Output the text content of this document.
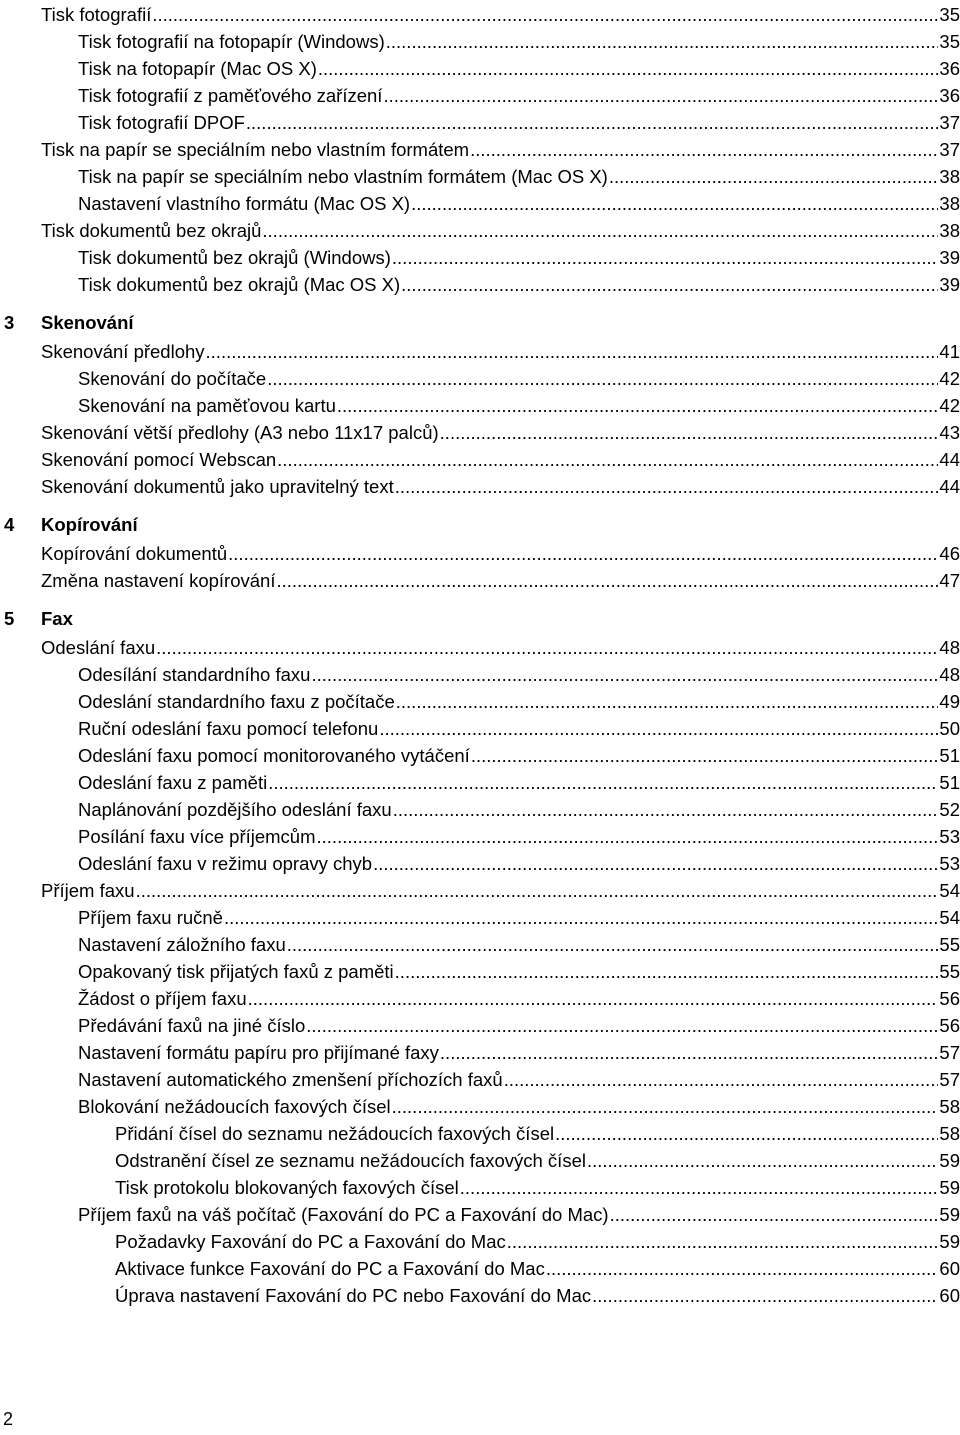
Tisk fotografií .....	35
Tisk fotografií na fotopapír (Windows) .....	35
Tisk na fotopapír (Mac OS X) .....	36
Tisk fotografií z paměťového zařízení .....	36
Tisk fotografií DPOF .....	37
Tisk na papír se speciálním nebo vlastním formátem .....	37
Tisk na papír se speciálním nebo vlastním formátem (Mac OS X) .....	38
Nastavení vlastního formátu (Mac OS X) .....	38
Tisk dokumentů bez okrajů .....	38
Tisk dokumentů bez okrajů (Windows) .....	39
Tisk dokumentů bez okrajů (Mac OS X) .....	39
3 Skenování
Skenování předlohy .....	41
Skenování do počítače .....	42
Skenování na paměťovou kartu .....	42
Skenování větší předlohy (A3 nebo 11x17 palců) .....	43
Skenování pomocí Webscan .....	44
Skenování dokumentů jako upravitelný text .....	44
4 Kopírování
Kopírování dokumentů .....	46
Změna nastavení kopírování .....	47
5 Fax
Odeslání faxu .....	48
Odesílání standardního faxu .....	48
Odeslání standardního faxu z počítače .....	49
Ruční odeslání faxu pomocí telefonu .....	50
Odeslání faxu pomocí monitorovaného vytáčení .....	51
Odeslání faxu z paměti .....	51
Naplánování pozdějšího odeslání faxu .....	52
Posílání faxu více příjemcům .....	53
Odeslání faxu v režimu opravy chyb .....	53
Příjem faxu .....	54
Příjem faxu ručně .....	54
Nastavení záložního faxu .....	55
Opakovaný tisk přijatých faxů z paměti .....	55
Žádost o příjem faxu .....	56
Předávání faxů na jiné číslo .....	56
Nastavení formátu papíru pro přijímané faxy .....	57
Nastavení automatického zmenšení příchozích faxů .....	57
Blokování nežádoucích faxových čísel .....	58
Přidání čísel do seznamu nežádoucích faxových čísel .....	58
Odstranění čísel ze seznamu nežádoucích faxových čísel .....	59
Tisk protokolu blokovaných faxových čísel .....	59
Příjem faxů na váš počítač (Faxování do PC a Faxování do Mac) .....	59
Požadavky Faxování do PC a Faxování do Mac .....	59
Aktivace funkce Faxování do PC a Faxování do Mac .....	60
Úprava nastavení Faxování do PC nebo Faxování do Mac .....	60
2
